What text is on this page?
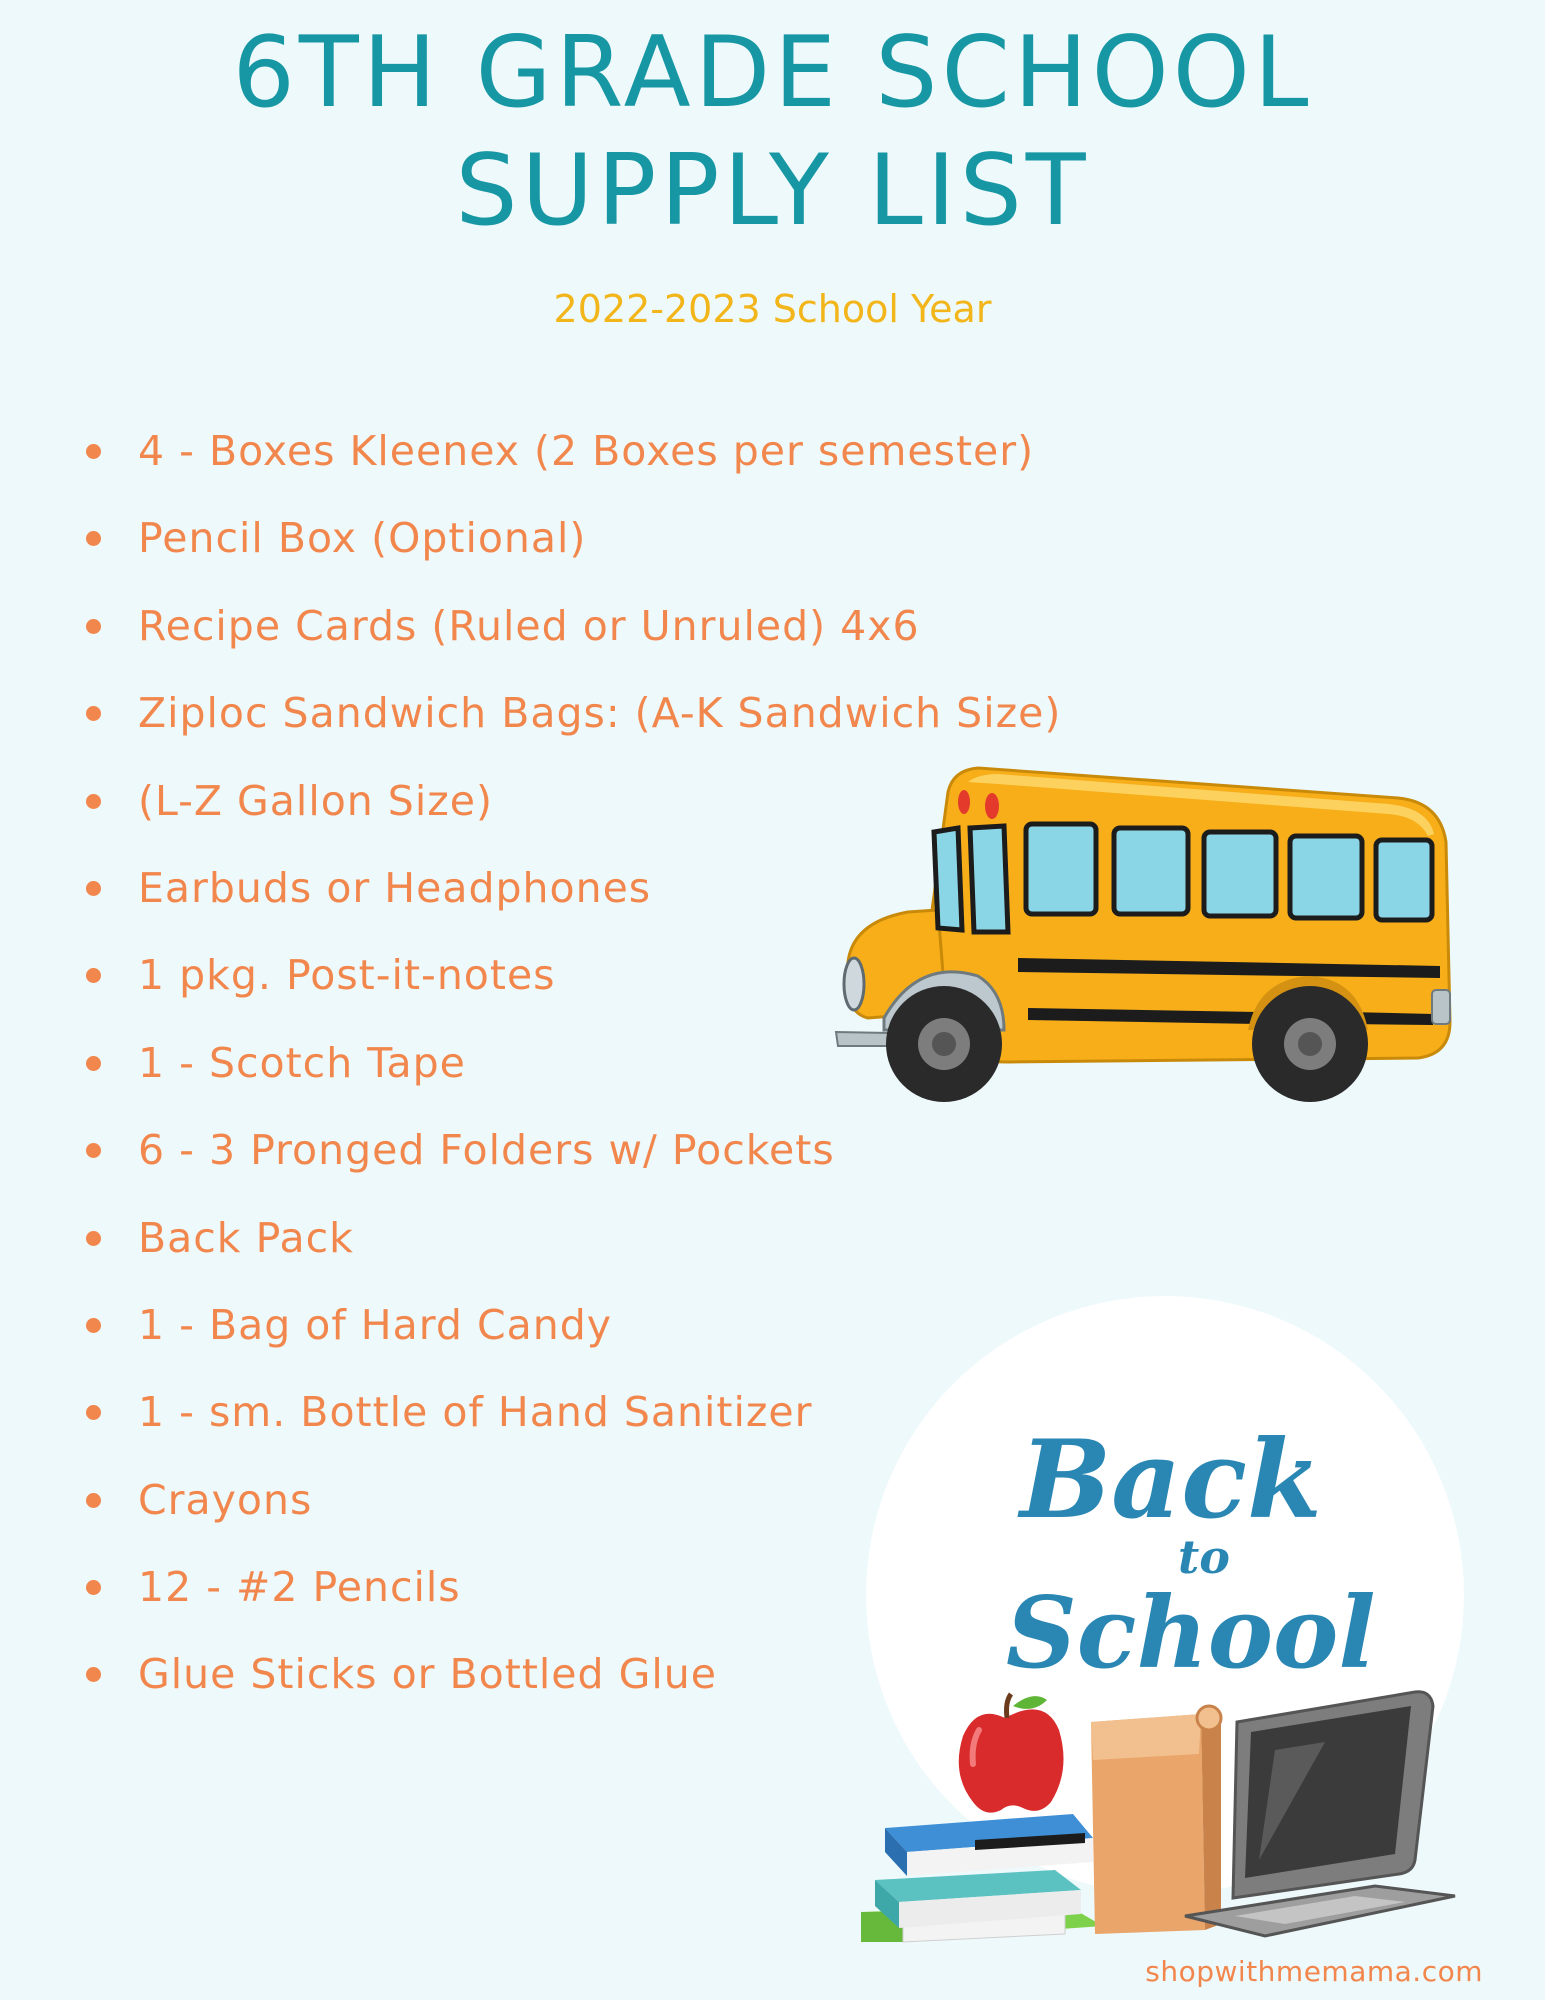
6TH GRADE SCHOOL
SUPPLY LIST
2022-2023 School Year
4 - Boxes Kleenex (2 Boxes per semester)
Pencil Box (Optional)
Recipe Cards (Ruled or Unruled) 4x6
Ziploc Sandwich Bags: (A-K Sandwich Size)
(L-Z Gallon Size)
Earbuds or Headphones
1 pkg. Post-it-notes
1 - Scotch Tape
6 - 3 Pronged Folders w/ Pockets
Back Pack
1 - Bag of Hard Candy
1 - sm. Bottle of Hand Sanitizer
Crayons
12 - #2 Pencils
Glue Sticks or Bottled Glue
Back
to
School
shopwithmemama.com
